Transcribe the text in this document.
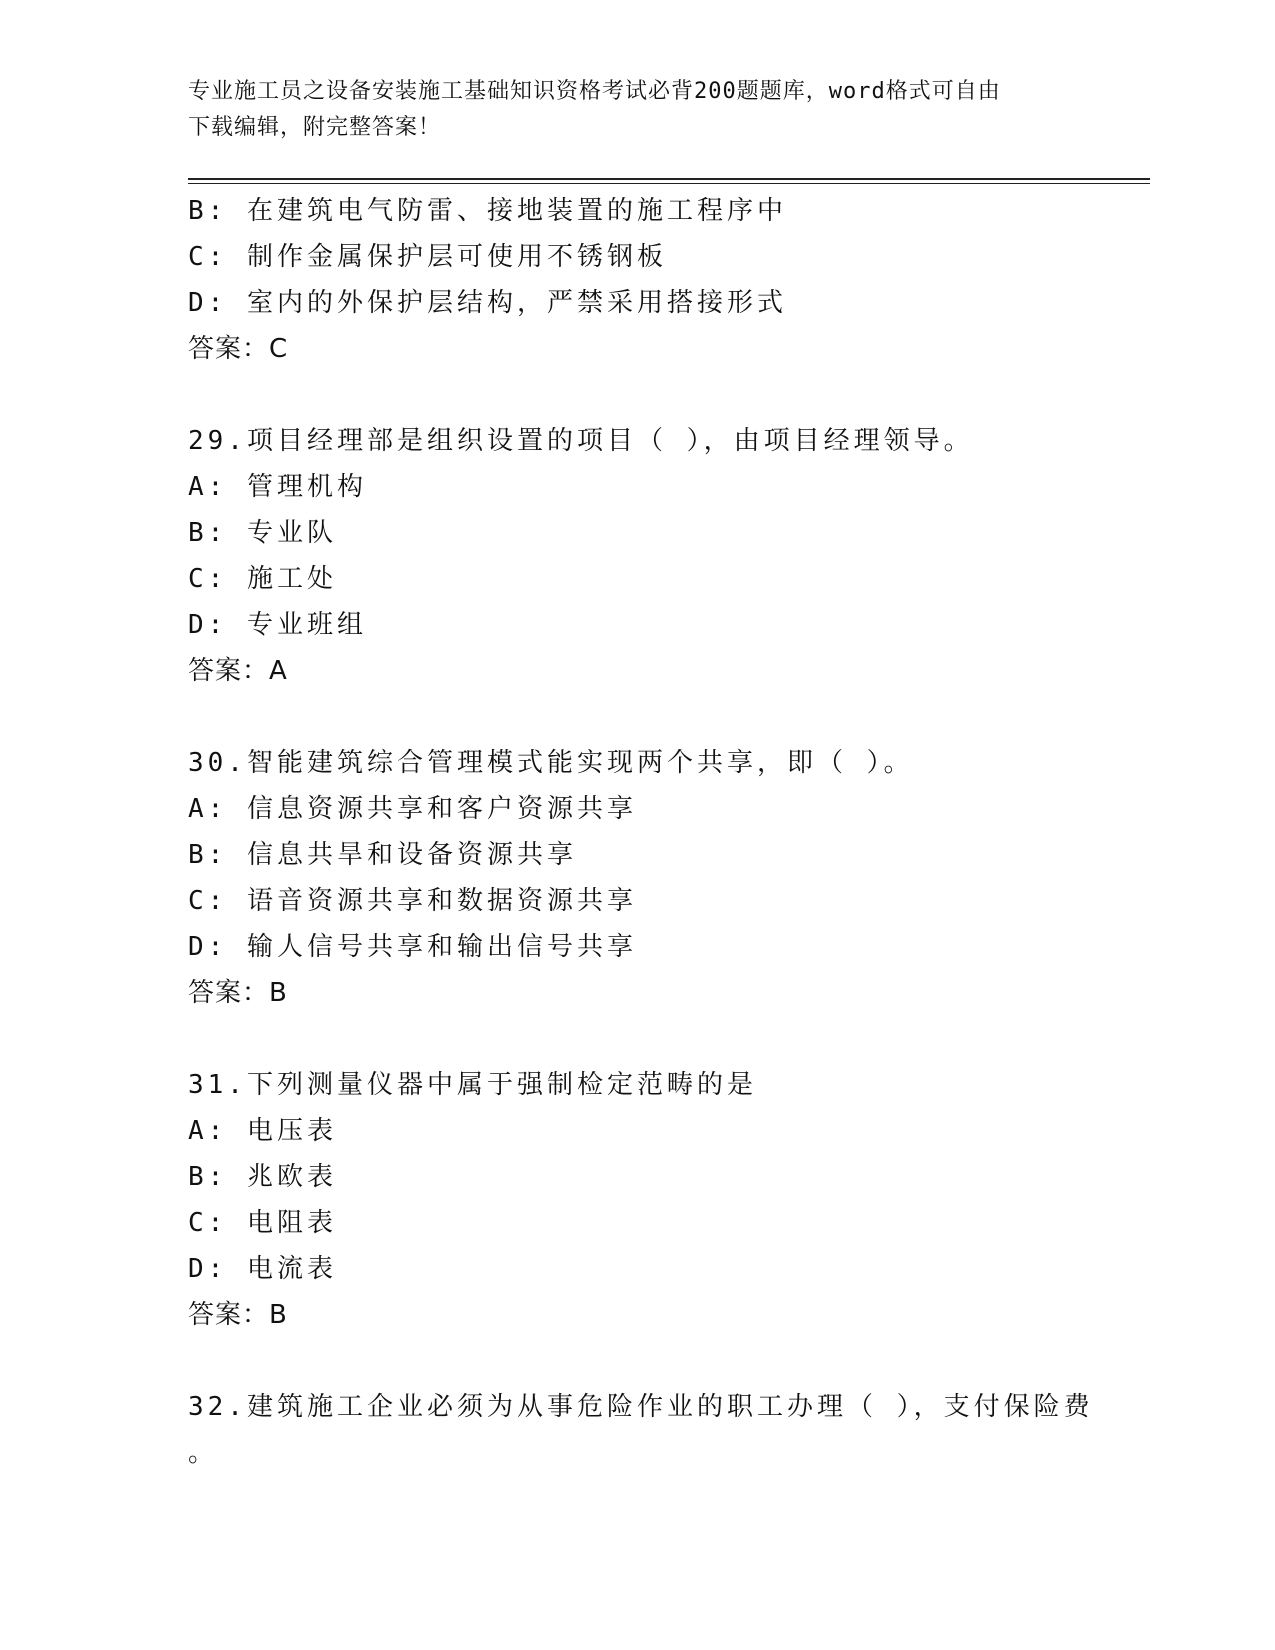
专业施工员之设备安装施工基础知识资格考试必背200题题库，word格式可自由
下载编辑，附完整答案！
B: 在建筑电气防雷、接地装置的施工程序中
C: 制作金属保护层可使用不锈钢板
D: 室内的外保护层结构，严禁采用搭接形式
答案：C
29.项目经理部是组织设置的项目（ ），由项目经理领导。
A: 管理机构
B: 专业队
C: 施工处
D: 专业班组
答案：A
30.智能建筑综合管理模式能实现两个共享，即（ ）。
A: 信息资源共享和客户资源共享
B: 信息共旱和设备资源共享
C: 语音资源共享和数据资源共享
D: 输人信号共享和输出信号共享
答案：B
31.下列测量仪器中属于强制检定范畴的是
A: 电压表
B: 兆欧表
C: 电阻表
D: 电流表
答案：B
32.建筑施工企业必须为从事危险作业的职工办理（ ），支付保险费
。
